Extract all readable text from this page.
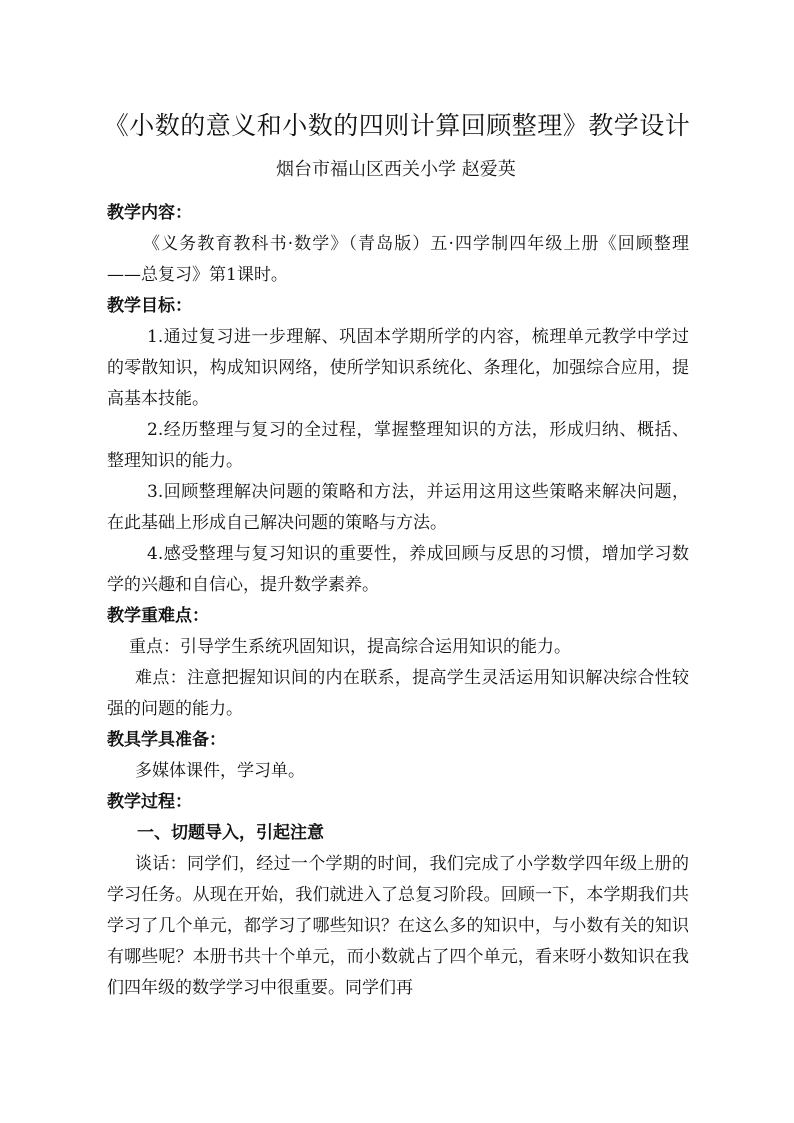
《小数的意义和小数的四则计算回顾整理》教学设计
烟台市福山区西关小学 赵爱英

教学内容：

《义务教育教科书·数学》（青岛版）五·四学制四年级上册《回顾整理——总复习》第1课时。

教学目标：

1.通过复习进一步理解、巩固本学期所学的内容，梳理单元教学中学过的零散知识，构成知识网络，使所学知识系统化、条理化，加强综合应用，提高基本技能。

2.经历整理与复习的全过程，掌握整理知识的方法，形成归纳、概括、整理知识的能力。

3.回顾整理解决问题的策略和方法，并运用这用这些策略来解决问题，在此基础上形成自己解决问题的策略与方法。

4.感受整理与复习知识的重要性，养成回顾与反思的习惯，增加学习数学的兴趣和自信心，提升数学素养。

教学重难点：

重点：引导学生系统巩固知识，提高综合运用知识的能力。

难点：注意把握知识间的内在联系，提高学生灵活运用知识解决综合性较强的问题的能力。

教具学具准备：

多媒体课件，学习单。

教学过程：

一、切题导入，引起注意

谈话：同学们，经过一个学期的时间，我们完成了小学数学四年级上册的学习任务。从现在开始，我们就进入了总复习阶段。回顾一下，本学期我们共学习了几个单元，都学习了哪些知识？在这么多的知识中，与小数有关的知识有哪些呢？本册书共十个单元，而小数就占了四个单元，看来呀小数知识在我们四年级的数学学习中很重要。同学们再
